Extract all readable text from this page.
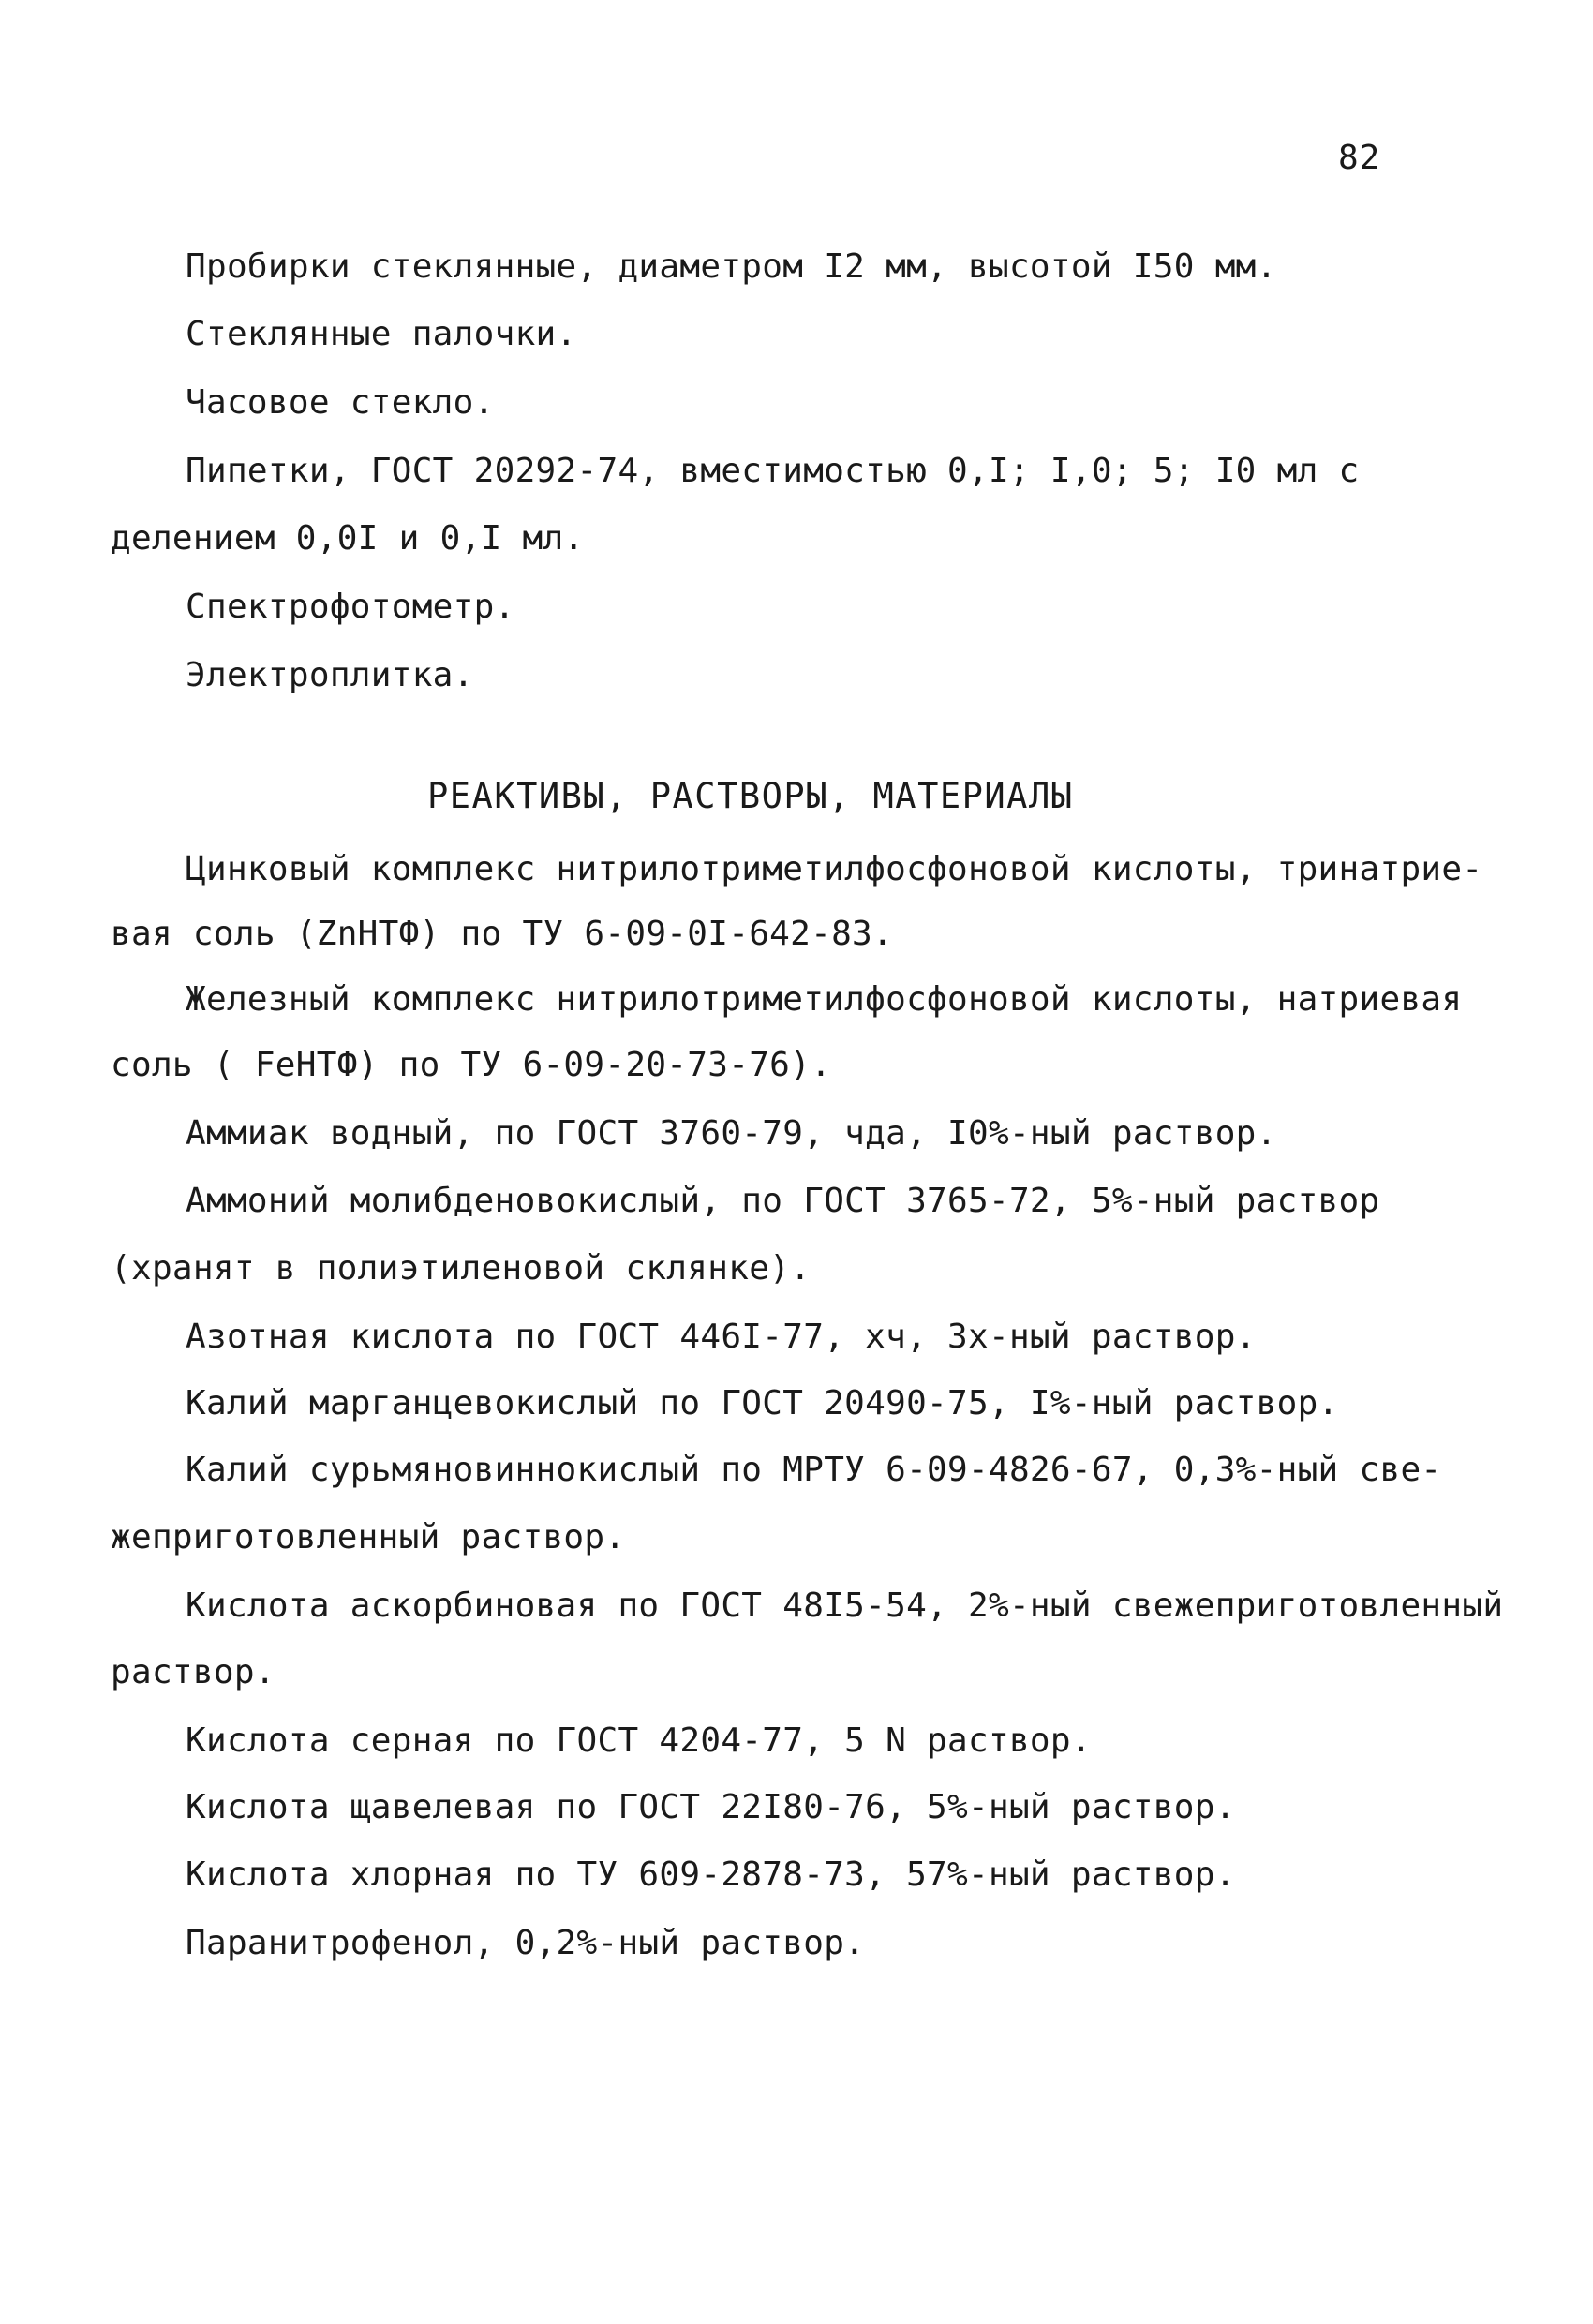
82
Пробирки стеклянные, диаметром I2 мм, высотой I50 мм.
Стеклянные палочки.
Часовое стекло.
Пипетки, ГОСТ 20292-74, вместимостью 0,I; I,0; 5; I0 мл с
делением 0,0I и 0,I мл.
Спектрофотометр.
Электроплитка.
РЕАКТИВЫ, РАСТВОРЫ, МАТЕРИАЛЫ
Цинковый комплекс нитрилотриметилфосфоновой кислоты, тринатрие-
вая соль (ZnНТФ) по ТУ 6-09-0I-642-83.
Железный комплекс нитрилотриметилфосфоновой кислоты, натриевая
соль ( FeНТФ) по ТУ 6-09-20-73-76).
Аммиак водный, по ГОСТ 3760-79, чда, I0%-ный раствор.
Аммоний молибденовокислый, по ГОСТ 3765-72, 5%-ный раствор
(хранят в полиэтиленовой склянке).
Азотная кислота по ГОСТ 446I-77, хч, 3х-ный раствор.
Калий марганцевокислый по ГОСТ 20490-75, I%-ный раствор.
Калий сурьмяновиннокислый по МРТУ 6-09-4826-67, 0,3%-ный све-
жеприготовленный раствор.
Кислота аскорбиновая по ГОСТ 48I5-54, 2%-ный свежеприготовленный
раствор.
Кислота серная по ГОСТ 4204-77, 5 N раствор.
Кислота щавелевая по ГОСТ 22I80-76, 5%-ный раствор.
Кислота хлорная по ТУ 609-2878-73, 57%-ный раствор.
Паранитрофенол, 0,2%-ный раствор.
